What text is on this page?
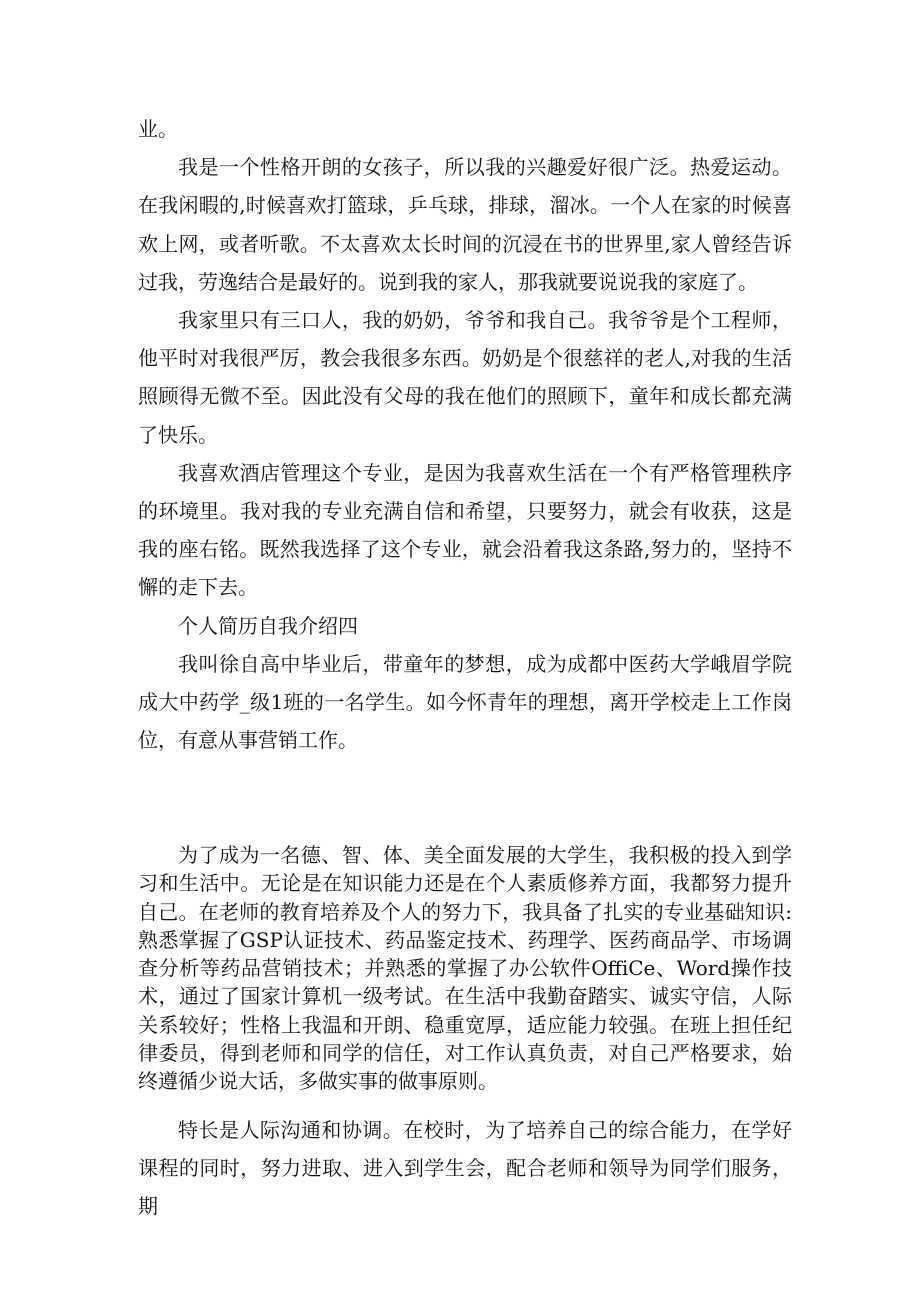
业。

我是一个性格开朗的女孩子，所以我的兴趣爱好很广泛。热爱运动。在我闲暇的,时候喜欢打篮球，乒乓球，排球，溜冰。一个人在家的时候喜欢上网，或者听歌。不太喜欢太长时间的沉浸在书的世界里,家人曾经告诉过我，劳逸结合是最好的。说到我的家人，那我就要说说我的家庭了。

我家里只有三口人，我的奶奶，爷爷和我自己。我爷爷是个工程师，他平时对我很严厉，教会我很多东西。奶奶是个很慈祥的老人,对我的生活照顾得无微不至。因此没有父母的我在他们的照顾下，童年和成长都充满了快乐。

我喜欢酒店管理这个专业，是因为我喜欢生活在一个有严格管理秩序的环境里。我对我的专业充满自信和希望，只要努力，就会有收获，这是我的座右铭。既然我选择了这个专业，就会沿着我这条路,努力的，坚持不懈的走下去。

个人简历自我介绍四

我叫徐自高中毕业后，带童年的梦想，成为成都中医药大学峨眉学院成大中药学_级1班的一名学生。如今怀青年的理想，离开学校走上工作岗位，有意从事营销工作。

为了成为一名德、智、体、美全面发展的大学生，我积极的投入到学习和生活中。无论是在知识能力还是在个人素质修养方面，我都努力提升自己。在老师的教育培养及个人的努力下，我具备了扎实的专业基础知识:熟悉掌握了GSP认证技术、药品鉴定技术、药理学、医药商品学、市场调查分析等药品营销技术；并熟悉的掌握了办公软件OffiCe、Word操作技术，通过了国家计算机一级考试。在生活中我勤奋踏实、诚实守信，人际关系较好；性格上我温和开朗、稳重宽厚，适应能力较强。在班上担任纪律委员，得到老师和同学的信任，对工作认真负责，对自己严格要求，始终遵循少说大话，多做实事的做事原则。

特长是人际沟通和协调。在校时，为了培养自己的综合能力，在学好课程的同时，努力进取、进入到学生会，配合老师和领导为同学们服务，期
